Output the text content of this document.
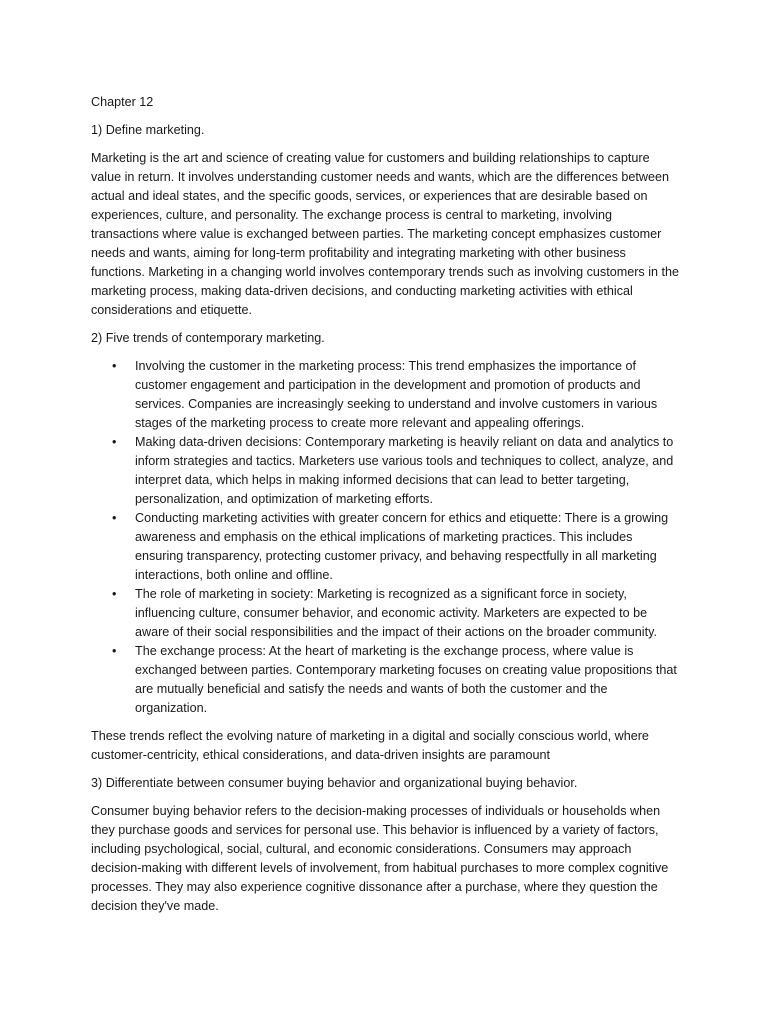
Chapter 12

1) Define marketing.

Marketing is the art and science of creating value for customers and building relationships to capture value in return. It involves understanding customer needs and wants, which are the differences between actual and ideal states, and the specific goods, services, or experiences that are desirable based on experiences, culture, and personality. The exchange process is central to marketing, involving transactions where value is exchanged between parties. The marketing concept emphasizes customer needs and wants, aiming for long-term profitability and integrating marketing with other business functions. Marketing in a changing world involves contemporary trends such as involving customers in the marketing process, making data-driven decisions, and conducting marketing activities with ethical considerations and etiquette.

2) Five trends of contemporary marketing.

• Involving the customer in the marketing process: This trend emphasizes the importance of customer engagement and participation in the development and promotion of products and services. Companies are increasingly seeking to understand and involve customers in various stages of the marketing process to create more relevant and appealing offerings.
• Making data-driven decisions: Contemporary marketing is heavily reliant on data and analytics to inform strategies and tactics. Marketers use various tools and techniques to collect, analyze, and interpret data, which helps in making informed decisions that can lead to better targeting, personalization, and optimization of marketing efforts.
• Conducting marketing activities with greater concern for ethics and etiquette: There is a growing awareness and emphasis on the ethical implications of marketing practices. This includes ensuring transparency, protecting customer privacy, and behaving respectfully in all marketing interactions, both online and offline.
• The role of marketing in society: Marketing is recognized as a significant force in society, influencing culture, consumer behavior, and economic activity. Marketers are expected to be aware of their social responsibilities and the impact of their actions on the broader community.
• The exchange process: At the heart of marketing is the exchange process, where value is exchanged between parties. Contemporary marketing focuses on creating value propositions that are mutually beneficial and satisfy the needs and wants of both the customer and the organization.

These trends reflect the evolving nature of marketing in a digital and socially conscious world, where customer-centricity, ethical considerations, and data-driven insights are paramount

3) Differentiate between consumer buying behavior and organizational buying behavior.

Consumer buying behavior refers to the decision-making processes of individuals or households when they purchase goods and services for personal use. This behavior is influenced by a variety of factors, including psychological, social, cultural, and economic considerations. Consumers may approach decision-making with different levels of involvement, from habitual purchases to more complex cognitive processes. They may also experience cognitive dissonance after a purchase, where they question the decision they've made.
